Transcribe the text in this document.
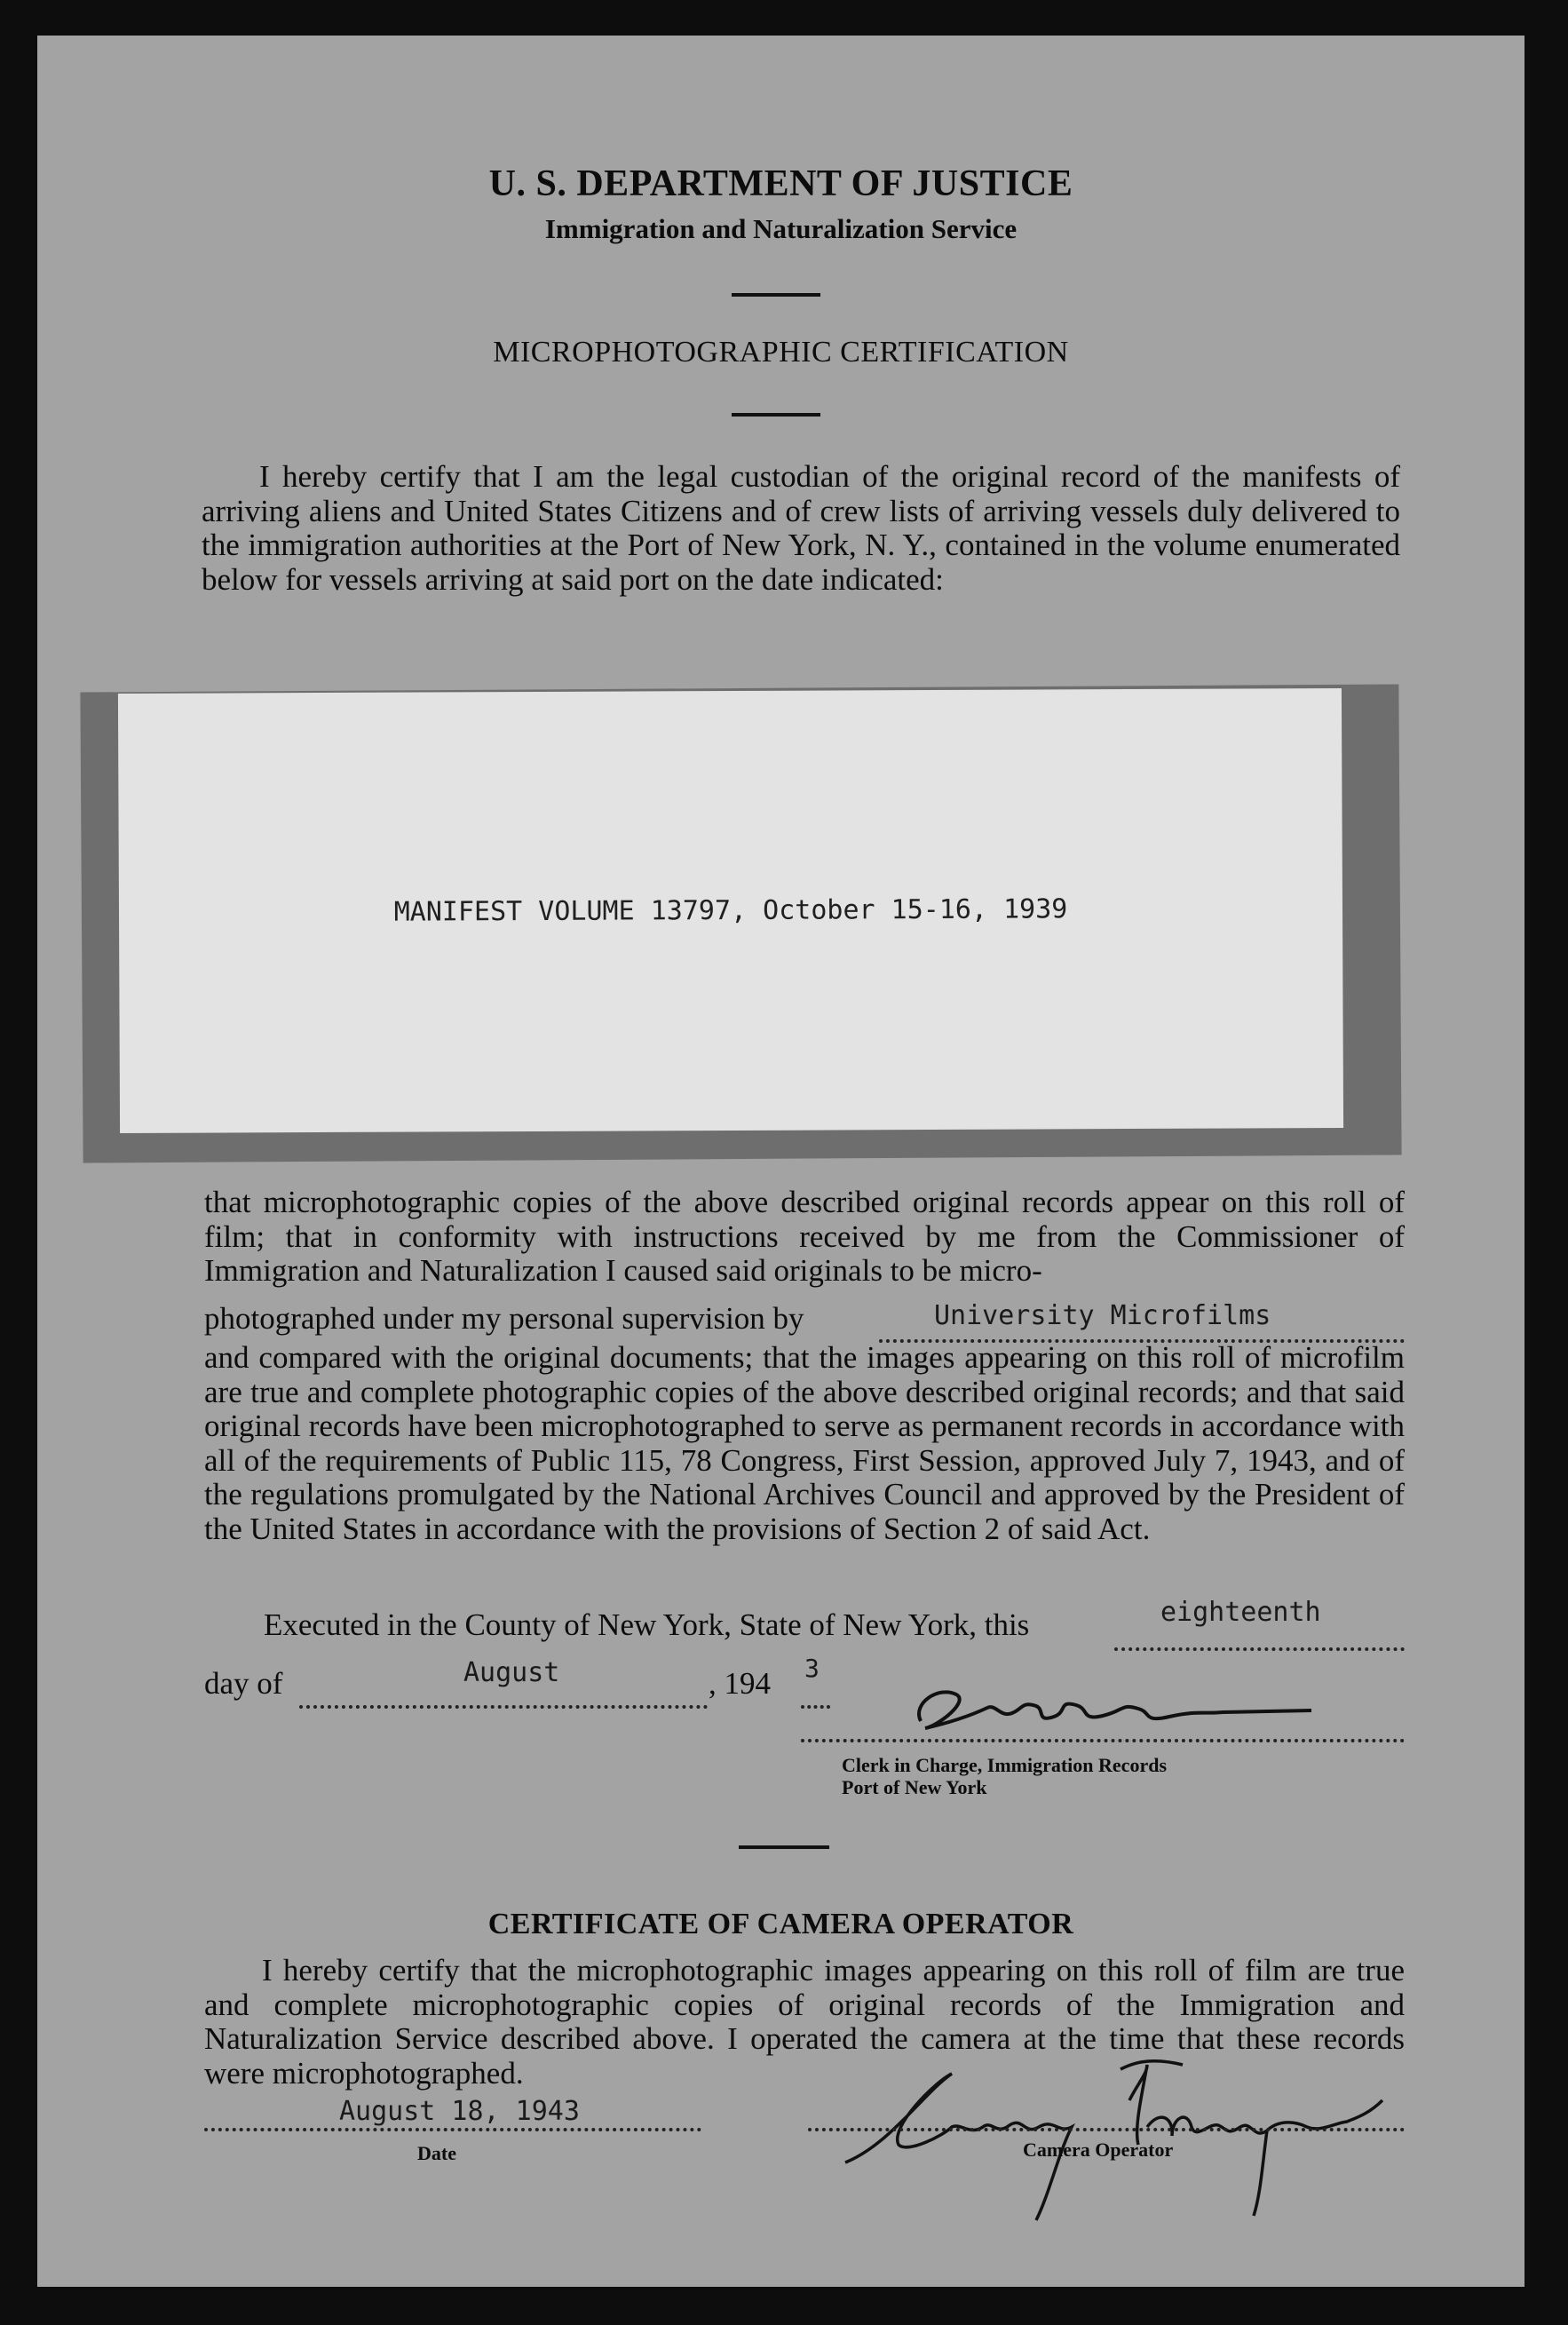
U. S. DEPARTMENT OF JUSTICE
Immigration and Naturalization Service
MICROPHOTOGRAPHIC CERTIFICATION

I hereby certify that I am the legal custodian of the original record of the manifests of arriving aliens and United States Citizens and of crew lists of arriving vessels duly delivered to the immigration authorities at the Port of New York, N. Y., contained in the volume enumerated below for vessels arriving at said port on the date indicated:

MANIFEST VOLUME 13797, October 15-16, 1939

that microphotographic copies of the above described original records appear on this roll of film; that in conformity with instructions received by me from the Commissioner of Immigration and Naturalization I caused said originals to be micro-

photographed under my personal supervision by	University Microfilms

and compared with the original documents; that the images appearing on this roll of microfilm are true and complete photographic copies of the above described original records; and that said original records have been microphotographed to serve as permanent records in accordance with all of the requirements of Public 115, 78 Congress, First Session, approved July 7, 1943, and of the regulations promulgated by the National Archives Council and approved by the President of the United States in accordance with the provisions of Section 2 of said Act.

Executed in the County of New York, State of New York, this	eighteenth
day of	August	, 194 3
Clerk in Charge, Immigration Records
Port of New York
CERTIFICATE OF CAMERA OPERATOR

I hereby certify that the microphotographic images appearing on this roll of film are true and complete microphotographic copies of original records of the Immigration and Naturalization Service described above. I operated the camera at the time that these records were microphotographed.

August 18, 1943
Date	Camera Operator
